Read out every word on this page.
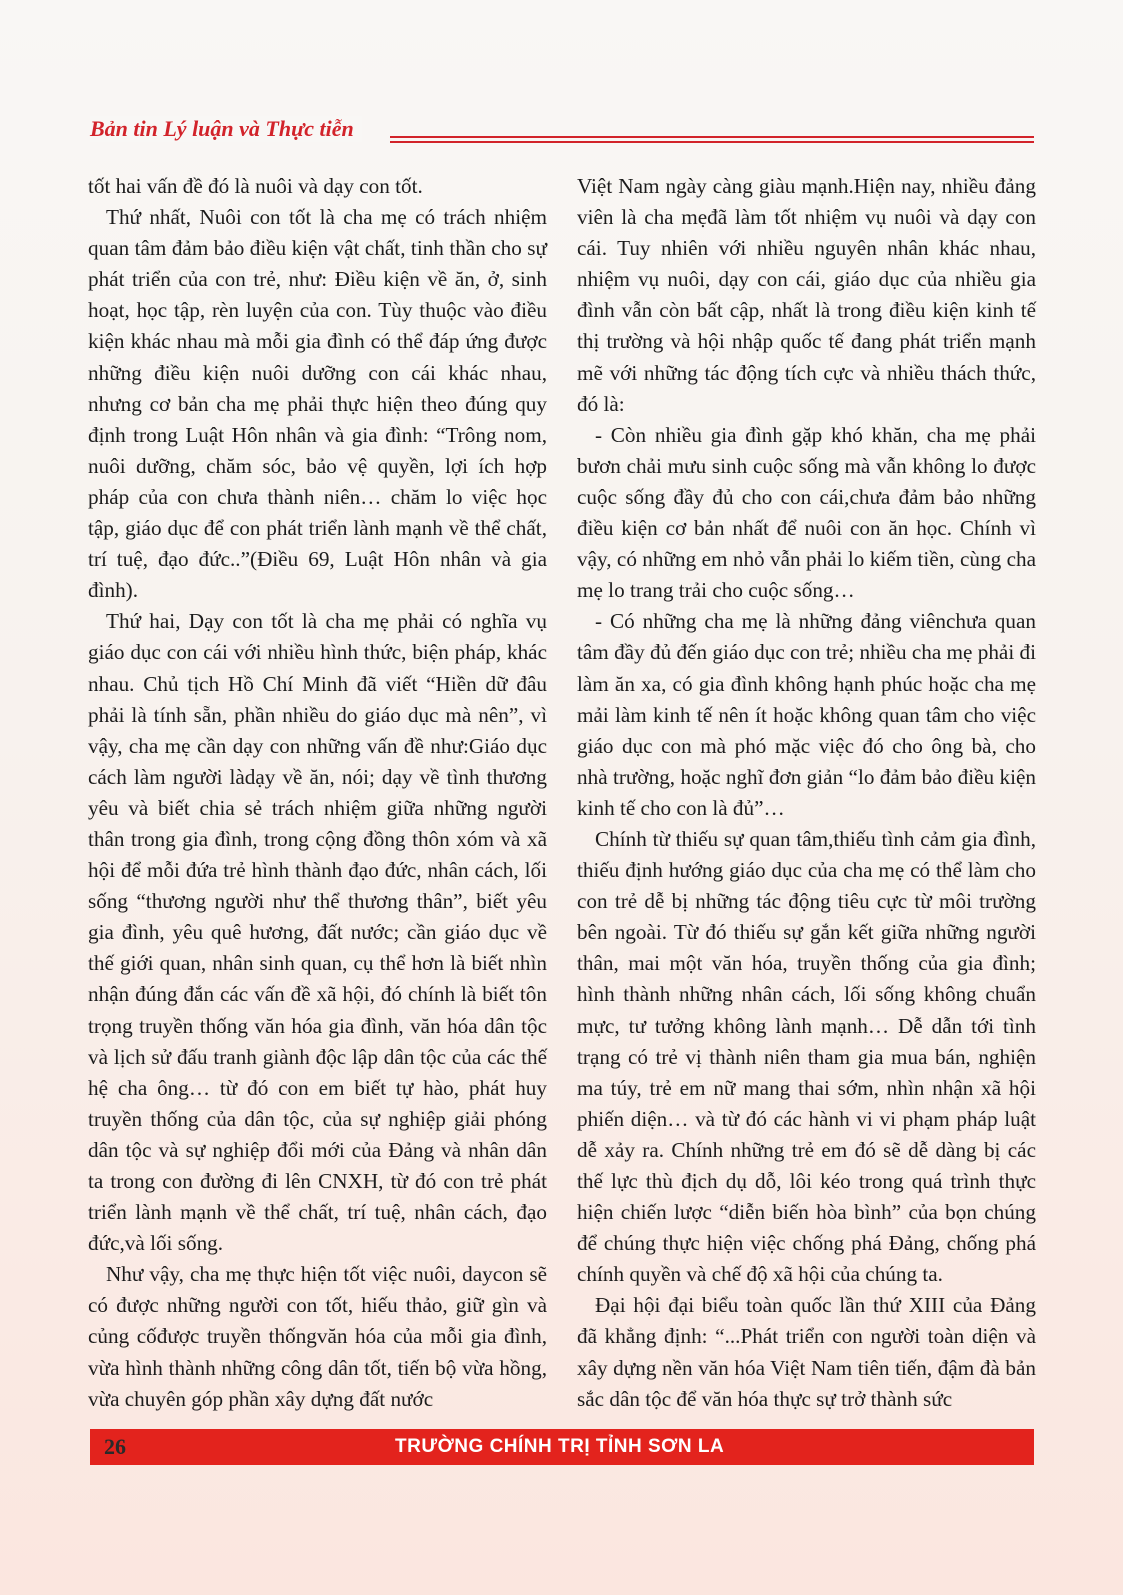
Bản tin Lý luận và Thực tiễn

tốt hai vấn đề đó là nuôi và dạy con tốt.

Thứ nhất, Nuôi con tốt là cha mẹ có trách nhiệm quan tâm đảm bảo điều kiện vật chất, tinh thần cho sự phát triển của con trẻ, như: Điều kiện về ăn, ở, sinh hoạt, học tập, rèn luyện của con. Tùy thuộc vào điều kiện khác nhau mà mỗi gia đình có thể đáp ứng được những điều kiện nuôi dưỡng con cái khác nhau, nhưng cơ bản cha mẹ phải thực hiện theo đúng quy định trong Luật Hôn nhân và gia đình: “Trông nom, nuôi dưỡng, chăm sóc, bảo vệ quyền, lợi ích hợp pháp của con chưa thành niên… chăm lo việc học tập, giáo dục để con phát triển lành mạnh về thể chất, trí tuệ, đạo đức..”(Điều 69, Luật Hôn nhân và gia đình).

Thứ hai, Dạy con tốt là cha mẹ phải có nghĩa vụ giáo dục con cái với nhiều hình thức, biện pháp, khác nhau. Chủ tịch Hồ Chí Minh đã viết “Hiền dữ đâu phải là tính sẵn, phần nhiều do giáo dục mà nên”, vì vậy, cha mẹ cần dạy con những vấn đề như:Giáo dục cách làm người làdạy về ăn, nói; dạy về tình thương yêu và biết chia sẻ trách nhiệm giữa những người thân trong gia đình, trong cộng đồng thôn xóm và xã hội để mỗi đứa trẻ hình thành đạo đức, nhân cách, lối sống “thương người như thể thương thân”, biết yêu gia đình, yêu quê hương, đất nước; cần giáo dục về thế giới quan, nhân sinh quan, cụ thể hơn là biết nhìn nhận đúng đắn các vấn đề xã hội, đó chính là biết tôn trọng truyền thống văn hóa gia đình, văn hóa dân tộc và lịch sử đấu tranh giành độc lập dân tộc của các thế hệ cha ông… từ đó con em biết tự hào, phát huy truyền thống của dân tộc, của sự nghiệp giải phóng dân tộc và sự nghiệp đổi mới của Đảng và nhân dân ta trong con đường đi lên CNXH, từ đó con trẻ phát triển lành mạnh về thể chất, trí tuệ, nhân cách, đạo đức,và lối sống.

Như vậy, cha mẹ thực hiện tốt việc nuôi, daycon sẽ có được những người con tốt, hiếu thảo, giữ gìn và củng cốđược truyền thốngvăn hóa của mỗi gia đình, vừa hình thành những công dân tốt, tiến bộ vừa hồng, vừa chuyên góp phần xây dựng đất nước

Việt Nam ngày càng giàu mạnh.Hiện nay, nhiều đảng viên là cha mẹđã làm tốt nhiệm vụ nuôi và dạy con cái. Tuy nhiên với nhiều nguyên nhân khác nhau, nhiệm vụ nuôi, dạy con cái, giáo dục của nhiều gia đình vẫn còn bất cập, nhất là trong điều kiện kinh tế thị trường và hội nhập quốc tế đang phát triển mạnh mẽ với những tác động tích cực và nhiều thách thức, đó là:

- Còn nhiều gia đình gặp khó khăn, cha mẹ phải bươn chải mưu sinh cuộc sống mà vẫn không lo được cuộc sống đầy đủ cho con cái,chưa đảm bảo những điều kiện cơ bản nhất để nuôi con ăn học. Chính vì vậy, có những em nhỏ vẫn phải lo kiếm tiền, cùng cha mẹ lo trang trải cho cuộc sống…

- Có những cha mẹ là những đảng viênchưa quan tâm đầy đủ đến giáo dục con trẻ; nhiều cha mẹ phải đi làm ăn xa, có gia đình không hạnh phúc hoặc cha mẹ mải làm kinh tế nên ít hoặc không quan tâm cho việc giáo dục con mà phó mặc việc đó cho ông bà, cho nhà trường, hoặc nghĩ đơn giản “lo đảm bảo điều kiện kinh tế cho con là đủ”…

Chính từ thiếu sự quan tâm,thiếu tình cảm gia đình, thiếu định hướng giáo dục của cha mẹ có thể làm cho con trẻ dễ bị những tác động tiêu cực từ môi trường bên ngoài. Từ đó thiếu sự gắn kết giữa những người thân, mai một văn hóa, truyền thống của gia đình; hình thành những nhân cách, lối sống không chuẩn mực, tư tưởng không lành mạnh… Dễ dẫn tới tình trạng có trẻ vị thành niên tham gia mua bán, nghiện ma túy, trẻ em nữ mang thai sớm, nhìn nhận xã hội phiến diện… và từ đó các hành vi vi phạm pháp luật dễ xảy ra. Chính những trẻ em đó sẽ dễ dàng bị các thế lực thù địch dụ dỗ, lôi kéo trong quá trình thực hiện chiến lược “diễn biến hòa bình” của bọn chúng để chúng thực hiện việc chống phá Đảng, chống phá chính quyền và chế độ xã hội của chúng ta.

Đại hội đại biểu toàn quốc lần thứ XIII của Đảng đã khẳng định: “...Phát triển con người toàn diện và xây dựng nền văn hóa Việt Nam tiên tiến, đậm đà bản sắc dân tộc để văn hóa thực sự trở thành sức

26	TRƯỜNG CHÍNH TRỊ TỈNH SƠN LA
